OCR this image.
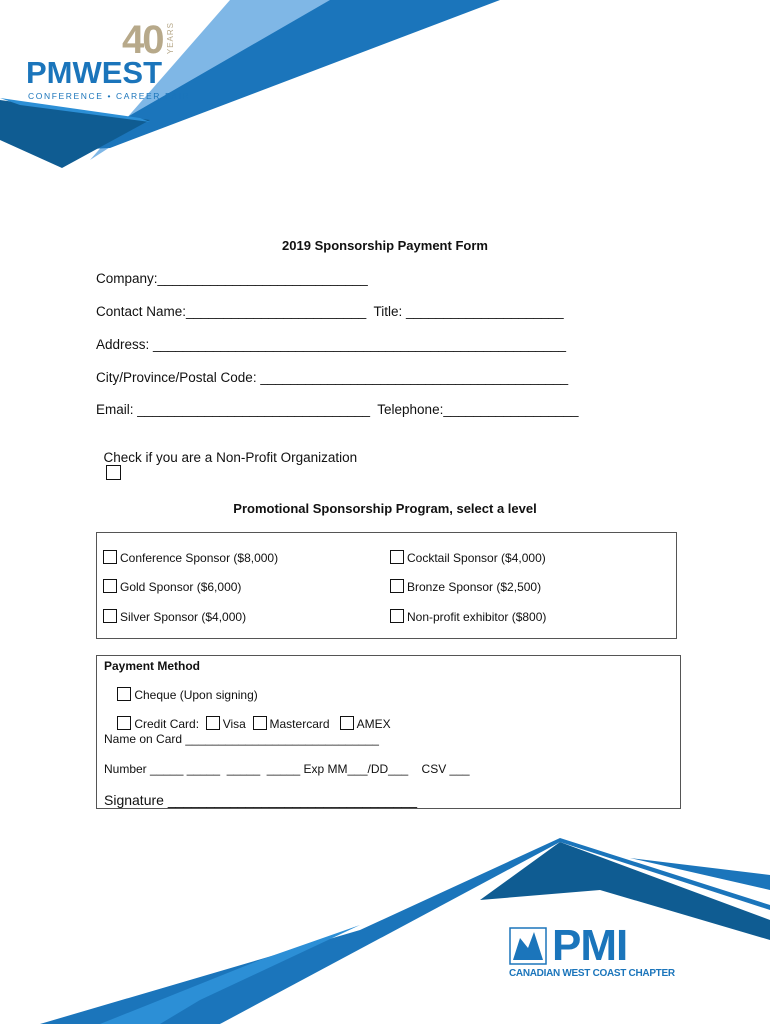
40 YEARS
PMWEST
CONFERENCE • CAREER FAIR
2019 Sponsorship Payment Form
Company:____________________________
Contact Name:________________________  Title: _____________________
Address: _______________________________________________________
City/Province/Postal Code: _________________________________________
Email: _______________________________  Telephone:__________________

Check if you are a Non-Profit Organization

Promotional Sponsorship Program, select a level
Conference Sponsor ($8,000)	Cocktail Sponsor ($4,000)
Gold Sponsor ($6,000)	Bronze Sponsor ($2,500)
Silver Sponsor ($4,000)	Non-profit exhibitor ($800)
Payment Method

Cheque (Upon signing)

Credit Card: Visa Mastercard AMEX

Name on Card _____________________________
Number _____ _____  _____  _____ Exp MM___/DD___    CSV ___
Signature ________________________________
PMI
CANADIAN WEST COAST CHAPTER
